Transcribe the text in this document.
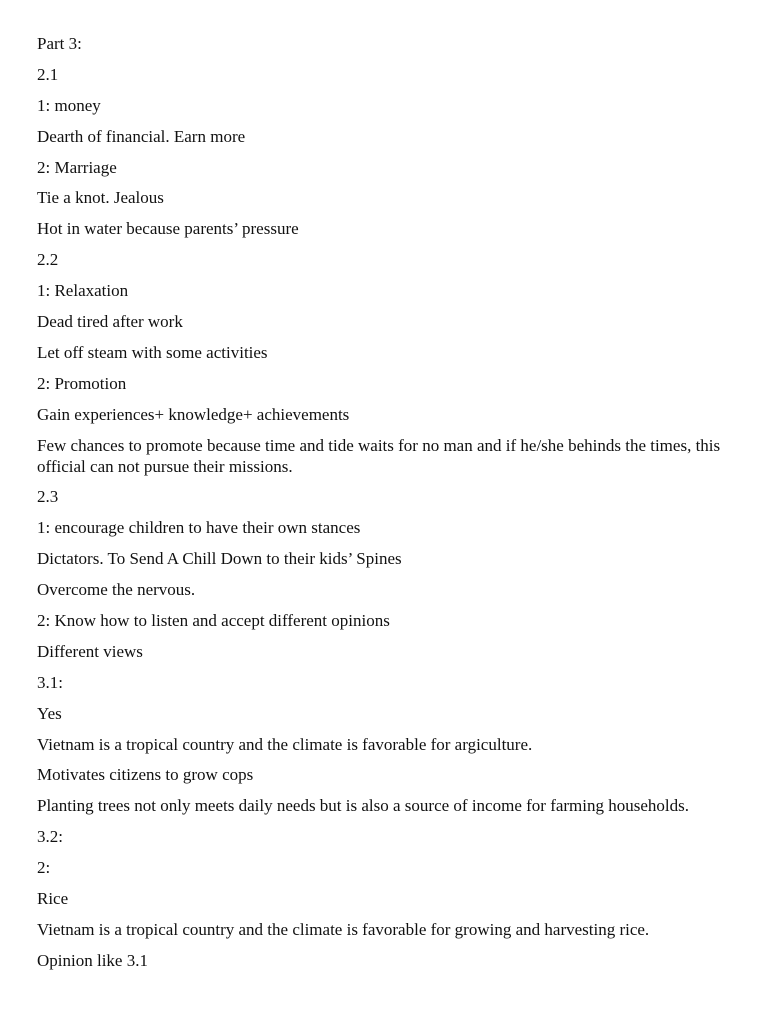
Part 3:

2.1

1: money

Dearth of financial. Earn more

2: Marriage

Tie a knot. Jealous

Hot in water because parents’ pressure

2.2

1: Relaxation

Dead tired after work

Let off steam with some activities

2: Promotion

Gain experiences+ knowledge+ achievements

Few chances to promote because time and tide waits for no man and if he/she behinds the times, this official can not pursue their missions.

2.3

1: encourage children to have their own stances

Dictators. To Send A Chill Down to their kids’ Spines

Overcome the nervous.

2: Know how to listen and accept different opinions

Different views

3.1:

Yes

Vietnam is a tropical country and the climate is favorable for argiculture.

Motivates citizens to grow cops

Planting trees not only meets daily needs but is also a source of income for farming households.

3.2:

2:

Rice

Vietnam is a tropical country and the climate is favorable for growing and harvesting rice.

Opinion like 3.1
